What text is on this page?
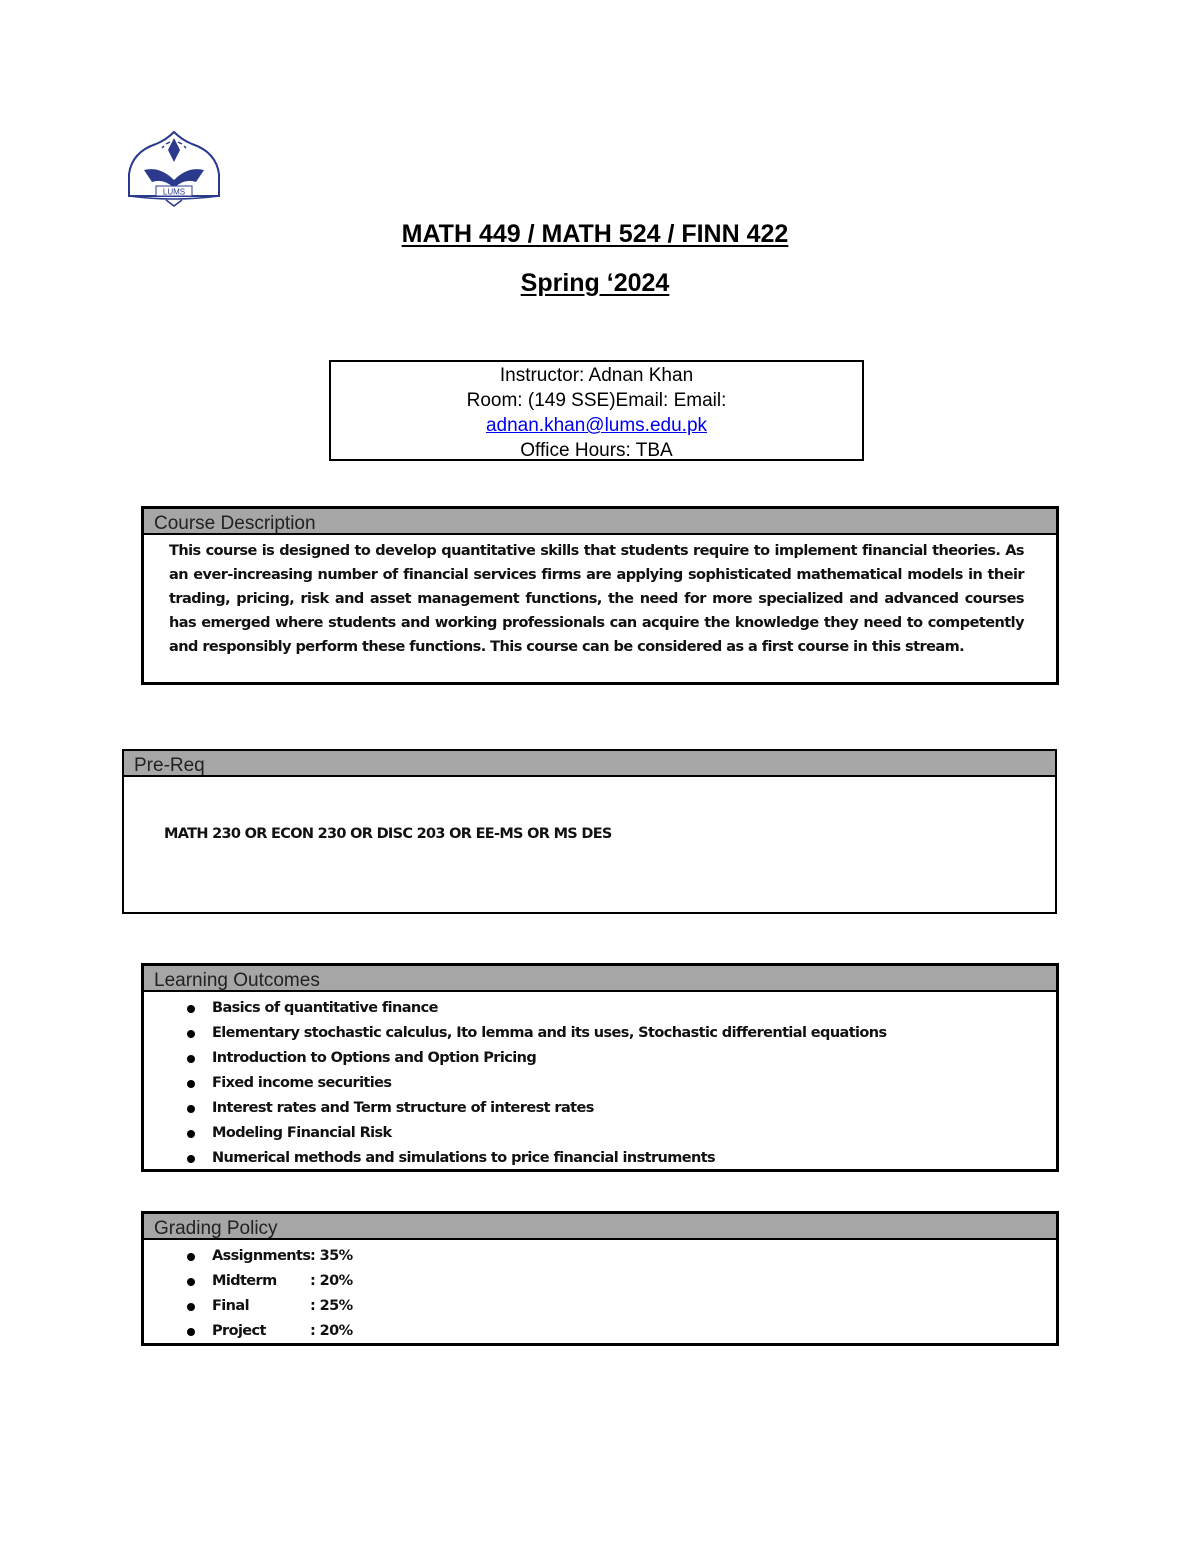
LUMS
MATH 449 / MATH 524 / FINN 422
Spring ‘2024
Instructor: Adnan Khan
Room: (149 SSE)Email: Email:
adnan.khan@lums.edu.pk
Office Hours: TBA
Course Description
This course is designed to develop quantitative skills that students require to implement financial theories. As an ever-increasing number of financial services firms are applying sophisticated mathematical models in their trading, pricing, risk and asset management functions, the need for more specialized and advanced courses has emerged where students and working professionals can acquire the knowledge they need to competently and responsibly perform these functions. This course can be considered as a first course in this stream.
Pre-Req
MATH 230 OR ECON 230 OR DISC 203 OR EE-MS OR MS DES
Learning Outcomes
Basics of quantitative finance
Elementary stochastic calculus, Ito lemma and its uses, Stochastic differential equations
Introduction to Options and Option Pricing
Fixed income securities
Interest rates and Term structure of interest rates
Modeling Financial Risk
Numerical methods and simulations to price financial instruments
Grading Policy
Assignments: 35%
Midterm : 20%
Final	: 25%
Project	: 20%
